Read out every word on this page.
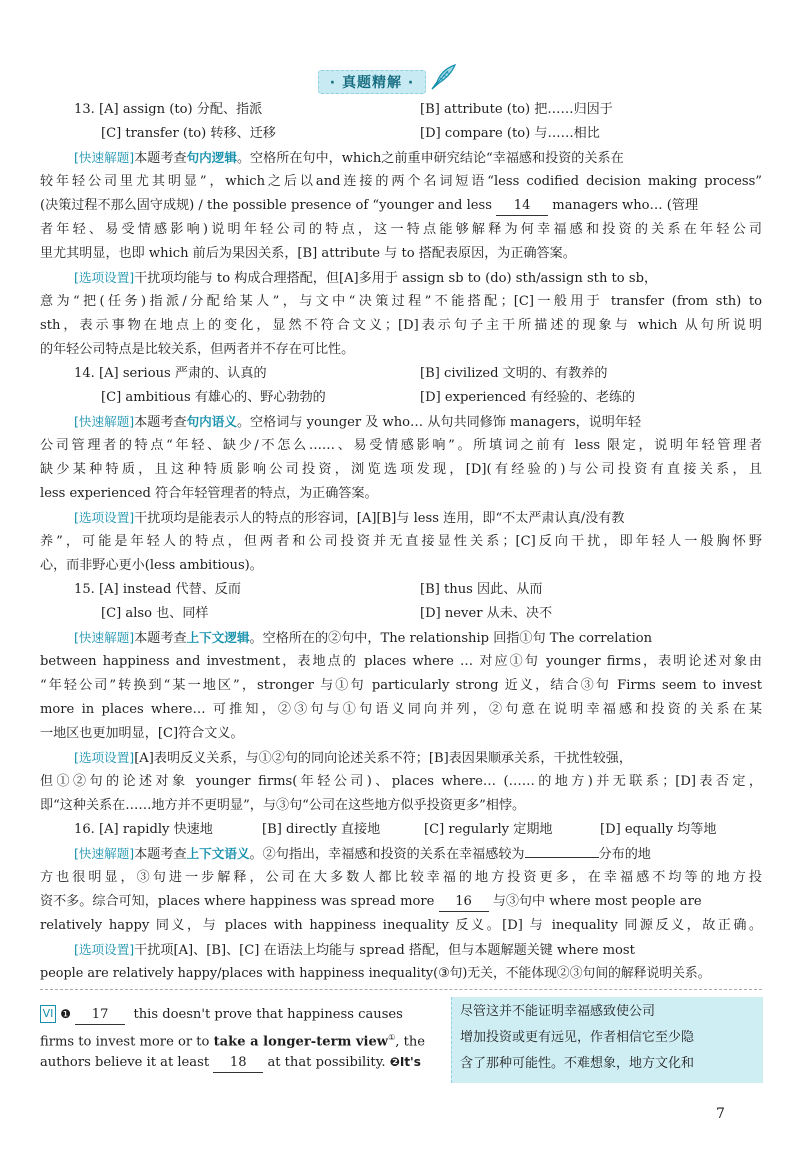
· 真题精解 ·
13. [A] assign (to) 分配、指派	[B] attribute (to) 把……归因于
[C] transfer (to) 转移、迁移	[D] compare (to) 与……相比
[快速解题]本题考查句内逻辑。空格所在句中，which之前重申研究结论“幸福感和投资的关系在
较年轻公司里尤其明显”，which之后以and连接的两个名词短语“less codified decision making process”
(决策过程不那么固守成规) / the possible presence of “younger and less 14 managers who… (管理
者年轻、易受情感影响)说明年轻公司的特点，这一特点能够解释为何幸福感和投资的关系在年轻公司
里尤其明显，也即 which 前后为果因关系，[B] attribute 与 to 搭配表原因，为正确答案。
[选项设置]干扰项均能与 to 构成合理搭配，但[A]多用于 assign sb to (do) sth/assign sth to sb，
意为“把(任务)指派/分配给某人”，与文中“决策过程”不能搭配；[C]一般用于 transfer (from sth) to
sth，表示事物在地点上的变化，显然不符合文义；[D]表示句子主干所描述的现象与 which 从句所说明
的年轻公司特点是比较关系，但两者并不存在可比性。
14. [A] serious 严肃的、认真的	[B] civilized 文明的、有教养的
[C] ambitious 有雄心的、野心勃勃的	[D] experienced 有经验的、老练的
[快速解题]本题考查句内语义。空格词与 younger 及 who… 从句共同修饰 managers，说明年轻
公司管理者的特点“年轻、缺少/不怎么……、易受情感影响”。所填词之前有 less 限定，说明年轻管理者
缺少某种特质，且这种特质影响公司投资，浏览选项发现，[D](有经验的)与公司投资有直接关系，且
less experienced 符合年轻管理者的特点，为正确答案。
[选项设置]干扰项均是能表示人的特点的形容词，[A][B]与 less 连用，即“不太严肃认真/没有教
养”，可能是年轻人的特点，但两者和公司投资并无直接显性关系；[C]反向干扰，即年轻人一般胸怀野
心，而非野心更小(less ambitious)。
15. [A] instead 代替、反而	[B] thus 因此、从而
[C] also 也、同样	[D] never 从未、决不
[快速解题]本题考查上下文逻辑。空格所在的②句中，The relationship 回指①句 The correlation
between happiness and investment，表地点的 places where … 对应①句 younger firms，表明论述对象由
“年轻公司”转换到“某一地区”，stronger 与①句 particularly strong 近义，结合③句 Firms seem to invest
more in places where… 可推知，②③句与①句语义同向并列，②句意在说明幸福感和投资的关系在某
一地区也更加明显，[C]符合文义。
[选项设置][A]表明反义关系，与①②句的同向论述关系不符；[B]表因果顺承关系，干扰性较强，
但①②句的论述对象 younger firms(年轻公司)、places where… (……的地方)并无联系；[D]表否定，
即“这种关系在……地方并不更明显”，与③句“公司在这些地方似乎投资更多”相悖。
16. [A] rapidly 快速地	[B] directly 直接地	[C] regularly 定期地	[D] equally 均等地
[快速解题]本题考查上下文语义。②句指出，幸福感和投资的关系在幸福感较为	分布的地
方也很明显，③句进一步解释，公司在大多数人都比较幸福的地方投资更多，在幸福感不均等的地方投
资不多。综合可知，places where happiness was spread more 16 与③句中 where most people are
relatively happy 同义，与 places with happiness inequality 反义。[D] 与 inequality 同源反义，故正确。
[选项设置]干扰项[A]、[B]、[C] 在语法上均能与 spread 搭配，但与本题解题关键 where most
people are relatively happy/places with happiness inequality(③句)无关，不能体现②③句间的解释说明关系。
VI ❶ 17 this doesn't prove that happiness causes
firms to invest more or to take a longer-term view①, the
authors believe it at least 18 at that possibility. ❷It's
尽管这并不能证明幸福感致使公司
增加投资或更有远见，作者相信它至少隐
含了那种可能性。不难想象，地方文化和
7
